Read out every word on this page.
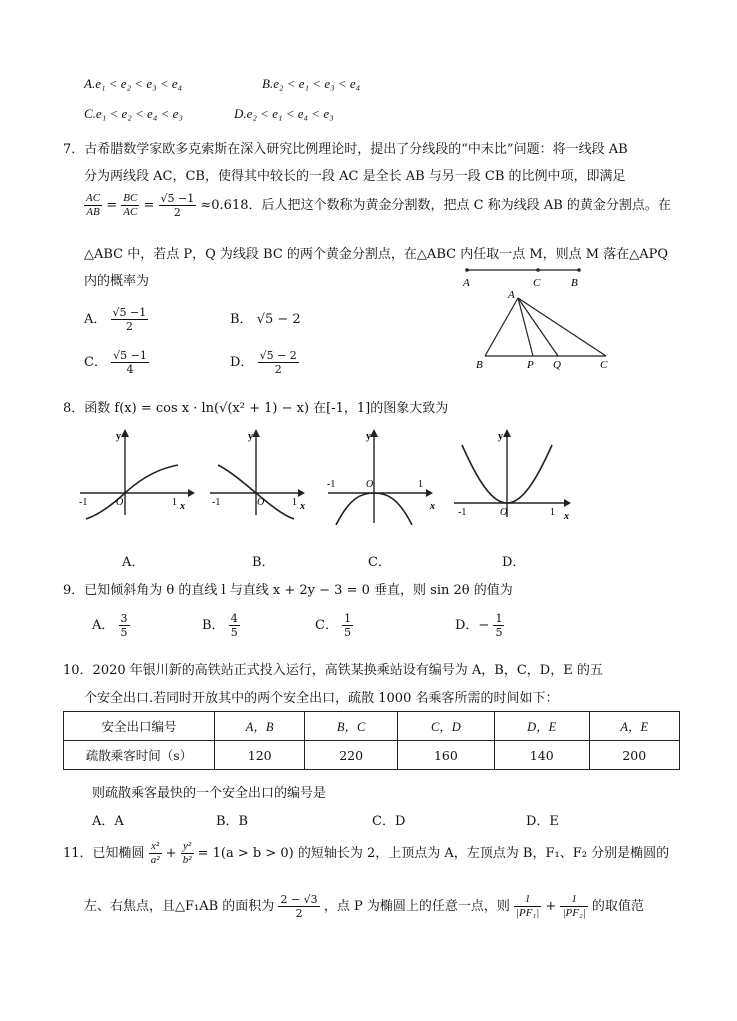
A.e₁ < e₂ < e₃ < e₄	B.e₂ < e₁ < e₃ < e₄
C.e₁ < e₂ < e₄ < e₃	D.e₂ < e₁ < e₄ < e₃
7．古希腊数学家欧多克索斯在深入研究比例理论时，提出了分线段的“中末比”问题：将一线段 AB
分为两线段 AC，CB，使得其中较长的一段 AC 是全长 AB 与另一段 CB 的比例中项，即满足
$\frac{AC}{AB} = \frac{BC}{AC} = \frac{√5 -1}{2} \approx 0.618$．后人把这个数称为黄金分割数，把点 C 称为线段 AB 的黄金分割点。在
△ABC 中，若点 P，Q 为线段 BC 的两个黄金分割点，在△ABC 内任取一点 M，则点 M 落在△APQ
内的概率为
A． $\frac{√5 -1}{2}$	B． √5 − 2
C． $\frac{√5 -1}{4}$	D． $\frac{√5 - 2}{2}$
A	C	B
A
B	P Q	C
8．函数 f(x) = cos x · ln(√(x² + 1) − x) 在[-1，1]的图象大致为
y
x
O
-1	1
y
x
O
-1	1
y
x
O
-1	1
y
x
O
-1	1
A．	B．	C．	D．
9．已知倾斜角为 θ 的直线 l 与直线 x + 2y − 3 = 0 垂直，则 sin 2θ 的值为
A． $\frac{3}{5}$	B． $\frac{4}{5}$	C． $\frac{1}{5}$	D．− $\frac{1}{5}$
10．2020 年银川新的高铁站正式投入运行，高铁某换乘站设有编号为 A，B，C，D，E 的五
个安全出口.若同时开放其中的两个安全出口，疏散 1000 名乘客所需的时间如下：
安全出口编号	A，B	B，C	C，D	D，E	A，E
疏散乘客时间（s）	120	220	160	140	200
则疏散乘客最快的一个安全出口的编号是
A．A	B．B	C．D	D．E
11．已知椭圆 $\frac{\text{x²}}{\text{a²}} + \frac{\text{y²}}{\text{b²}} = 1(a > b > 0)$ 的短轴长为 2，上顶点为 A，左顶点为 B，F₁、F₂ 分别是椭圆的
左、右焦点，且△F₁AB 的面积为 $\frac{2 - √3}{2}$ ，点 P 为椭圆上的任意一点，则 $\frac{1}{\text{|PF₁|}} + \frac{1}{\text{|PF₂|}}$ 的取值范
